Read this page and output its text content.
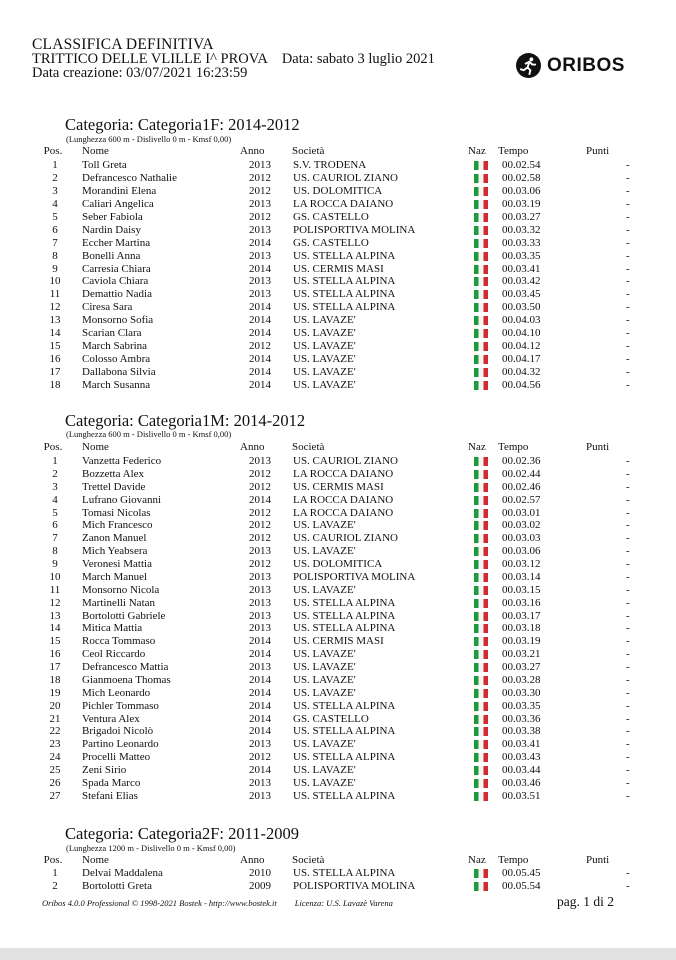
CLASSIFICA DEFINITIVA
TRITTICO DELLE VLILLE I^ PROVA Data: sabato 3 luglio 2021
Data creazione: 03/07/2021 16:23:59	ORIBOS
Categoria: Categoria1F: 2014-2012
(Lunghezza 600 m - Dislivello 0 m - Kmsf 0,00)
Pos.	Nome	Anno	Società	Naz Tempo	Punti
1	Toll Greta	2013 S.V. TRODENA	00.02.54	-
2	Defrancesco Nathalie	2012 US. CAURIOL ZIANO	00.02.58	-
3	Morandini Elena	2012 US. DOLOMITICA	00.03.06	-
4	Caliari Angelica	2013 LA ROCCA DAIANO	00.03.19	-
5	Seber Fabiola	2012 GS. CASTELLO	00.03.27	-
6	Nardin Daisy	2013 POLISPORTIVA MOLINA	00.03.32	-
7	Eccher Martina	2014 GS. CASTELLO	00.03.33	-
8	Bonelli Anna	2013 US. STELLA ALPINA	00.03.35	-
9	Carresia Chiara	2014 US. CERMIS MASI	00.03.41	-
10	Caviola Chiara	2013 US. STELLA ALPINA	00.03.42	-
11	Demattio Nadia	2013 US. STELLA ALPINA	00.03.45	-
12	Ciresa Sara	2014 US. STELLA ALPINA	00.03.50	-
13	Monsorno Sofia	2014 US. LAVAZE'	00.04.03	-
14	Scarian Clara	2014 US. LAVAZE'	00.04.10	-
15	March Sabrina	2012 US. LAVAZE'	00.04.12	-
16	Colosso Ambra	2014 US. LAVAZE'	00.04.17	-
17	Dallabona Silvia	2014 US. LAVAZE'	00.04.32	-
18	March Susanna	2014 US. LAVAZE'	00.04.56	-
Categoria: Categoria1M: 2014-2012
(Lunghezza 600 m - Dislivello 0 m - Kmsf 0,00)
Pos.	Nome	Anno	Società	Naz Tempo	Punti
1	Vanzetta Federico	2013 US. CAURIOL ZIANO	00.02.36	-
2	Bozzetta Alex	2012 LA ROCCA DAIANO	00.02.44	-
3	Trettel Davide	2012 US. CERMIS MASI	00.02.46	-
4	Lufrano Giovanni	2014 LA ROCCA DAIANO	00.02.57	-
5	Tomasi Nicolas	2012 LA ROCCA DAIANO	00.03.01	-
6	Mich Francesco	2012 US. LAVAZE'	00.03.02	-
7	Zanon Manuel	2012 US. CAURIOL ZIANO	00.03.03	-
8	Mich Yeabsera	2013 US. LAVAZE'	00.03.06	-
9	Veronesi Mattia	2012 US. DOLOMITICA	00.03.12	-
10	March Manuel	2013 POLISPORTIVA MOLINA	00.03.14	-
11	Monsorno Nicola	2013 US. LAVAZE'	00.03.15	-
12	Martinelli Natan	2013 US. STELLA ALPINA	00.03.16	-
13	Bortolotti Gabriele	2013 US. STELLA ALPINA	00.03.17	-
14	Mitica Mattia	2013 US. STELLA ALPINA	00.03.18	-
15	Rocca Tommaso	2014 US. CERMIS MASI	00.03.19	-
16	Ceol Riccardo	2014 US. LAVAZE'	00.03.21	-
17	Defrancesco Mattia	2013 US. LAVAZE'	00.03.27	-
18	Gianmoena Thomas	2014 US. LAVAZE'	00.03.28	-
19	Mich Leonardo	2014 US. LAVAZE'	00.03.30	-
20	Pichler Tommaso	2014 US. STELLA ALPINA	00.03.35	-
21	Ventura Alex	2014 GS. CASTELLO	00.03.36	-
22	Brigadoi Nicolò	2014 US. STELLA ALPINA	00.03.38	-
23	Partino Leonardo	2013 US. LAVAZE'	00.03.41	-
24	Procelli Matteo	2012 US. STELLA ALPINA	00.03.43	-
25	Zeni Sirio	2014 US. LAVAZE'	00.03.44	-
26	Spada Marco	2013 US. LAVAZE'	00.03.46	-
27	Stefani Elias	2013 US. STELLA ALPINA	00.03.51	-
Categoria: Categoria2F: 2011-2009
(Lunghezza 1200 m - Dislivello 0 m - Kmsf 0,00)
Pos.	Nome	Anno	Società	Naz Tempo	Punti
1	Delvai Maddalena	2010 US. STELLA ALPINA	00.05.45	-
2	Bortolotti Greta	2009 POLISPORTIVA MOLINA	00.05.54	-
Oribos 4.0.0 Professional © 1998-2021 Bostek - http://www.bostek.it Licenza: U.S. Lavazè Varena	pag. 1 di 2
